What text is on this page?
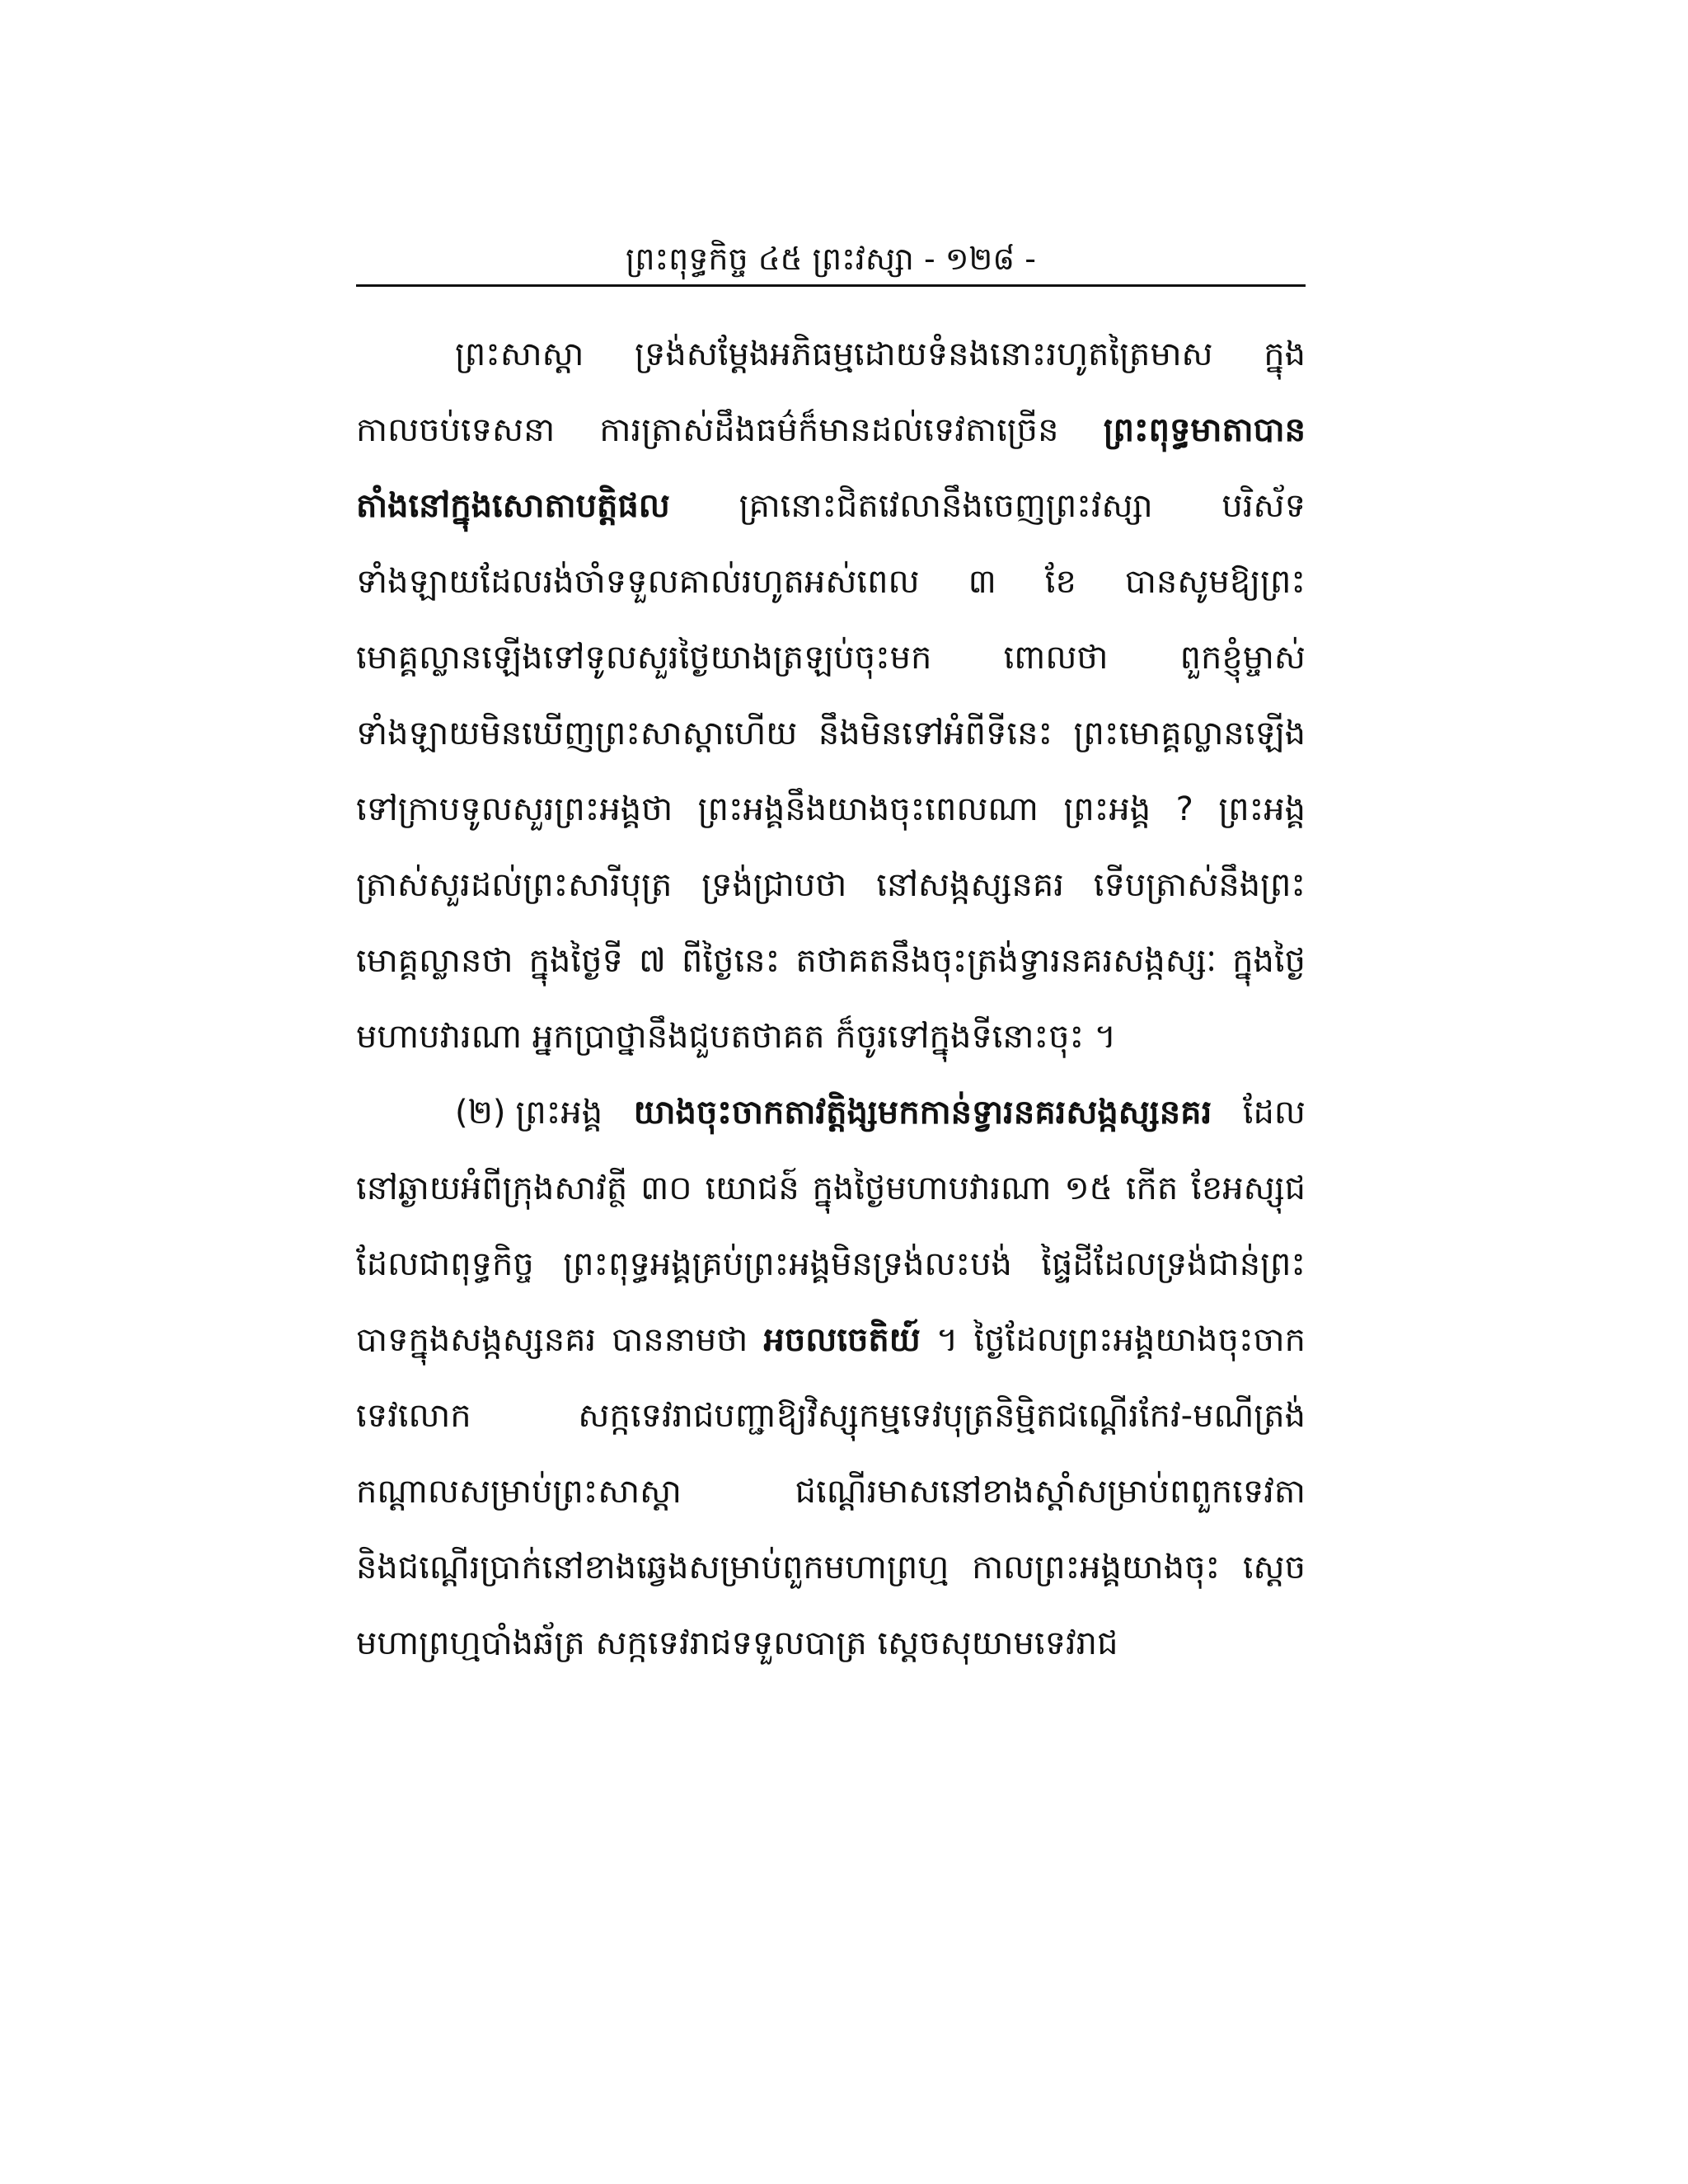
ព្រះពុទ្ធកិច្ច ៤៥ ព្រះវស្សា - ១២៨ -

ព្រះសាស្តា ទ្រង់សម្តែងអភិធម្មដោយទំនងនោះរហូតត្រៃមាស ក្នុងកាលចប់ទេសនា ការត្រាស់ដឹងធម៌ក៏មានដល់ទេវតាច្រើន ព្រះពុទ្ធមាតាបានតាំងនៅក្នុងសោតាបត្តិផល គ្រានោះជិតវេលានឹងចេញព្រះវស្សា បរិស័ទទាំងឡាយដែលរង់ចាំទទួលគាល់រហូតអស់ពេល ៣ ខែ បានសូមឱ្យព្រះមោគ្គល្លានឡើងទៅទូលសួរថ្ងៃយាងត្រឡប់ចុះមក ពោលថា ពួកខ្ញុំម្ចាស់ទាំងឡាយមិនឃើញព្រះសាស្តាហើយ នឹងមិនទៅអំពីទីនេះ ព្រះមោគ្គល្លានឡើងទៅក្រាបទូលសួរព្រះអង្គថា ព្រះអង្គនឹងយាងចុះពេលណា ព្រះអង្គ ? ព្រះអង្គត្រាស់សួរដល់ព្រះសារីបុត្រ ទ្រង់ជ្រាបថា នៅសង្កស្សនគរ ទើបត្រាស់នឹងព្រះមោគ្គល្លានថា ក្នុងថ្ងៃទី ៧ ពីថ្ងៃនេះ តថាគតនឹងចុះត្រង់ទ្វារនគរសង្កស្សៈ ក្នុងថ្ងៃមហាបវារណា អ្នកប្រាថ្នានឹងជួបតថាគត ក៏ចូរទៅក្នុងទីនោះចុះ ។

(២) ព្រះអង្គ យាងចុះចាកតាវត្តិង្សមកកាន់ទ្វារនគរសង្កស្សនគរ ដែលនៅឆ្ងាយអំពីក្រុងសាវត្ថី ៣០ យោជន៍ ក្នុងថ្ងៃមហាបវារណា ១៥ កើត ខែអស្សុជ ដែលជាពុទ្ធកិច្ច ព្រះពុទ្ធអង្គគ្រប់ព្រះអង្គមិនទ្រង់លះបង់ ផ្ទៃដីដែលទ្រង់ជាន់ព្រះបាទក្នុងសង្កស្សនគរ បាននាមថា អចលចេតិយ៍ ។ ថ្ងៃដែលព្រះអង្គយាងចុះចាកទេវលោក សក្កទេវរាជបញ្ជាឱ្យវិស្សុកម្មទេវបុត្រនិម្មិតជណ្តើរកែវ-មណីត្រង់កណ្តាលសម្រាប់ព្រះសាស្តា ជណ្តើរមាសនៅខាងស្តាំសម្រាប់ពពួកទេវតា និងជណ្តើរប្រាក់នៅខាងឆ្វេងសម្រាប់ពួកមហាព្រហ្ម កាលព្រះអង្គយាងចុះ ស្តេចមហាព្រហ្មបាំងឆ័ត្រ សក្កទេវរាជទទួលបាត្រ ស្តេចសុយាមទេវរាជ
